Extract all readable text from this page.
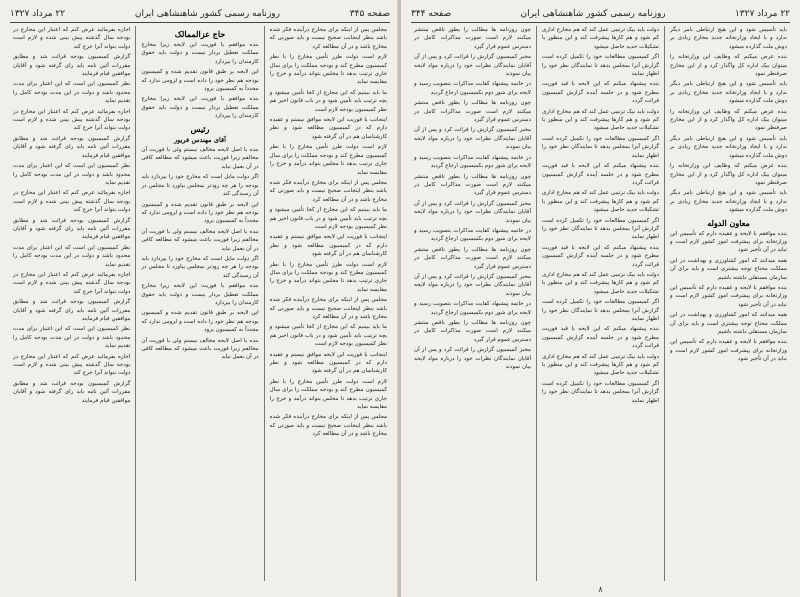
صفحه ۳۴۵
روزنامه رسمی کشور شاهنشاهی ایران
۲۲ مرداد ۱۳۲۷

مجلس پس از اینکه برای مخارج درآینده فکر شده باشد بنظر اینجانب صحیح نیست و باید صورتی که مخارج باشد و در آن مطالعه کرد

لازم است دولت طرز تأمین مخارج را با نظر کمیسیون مطرح کند و بودجه مملکت را برای سال جاری ترتیب بدهد تا مجلس بتواند درآمد و خرج را مقایسه نماید

ما باید ببینیم که این مخارج از کجا تأمین میشود و بچه ترتیب باید تأمین شود و در باب قانون اخیر هم نظر کمیسیون بودجه لازم است

اینجانب با فوریت این لایحه موافق نیستم و عقیده دارم که در کمیسیون مطالعه شود و نظر کارشناسان هم در آن گرفته شود

لازم است دولت طرز تأمین مخارج را با نظر کمیسیون مطرح کند و بودجه مملکت را برای سال جاری ترتیب بدهد تا مجلس بتواند درآمد و خرج را مقایسه نماید

مجلس پس از اینکه برای مخارج درآینده فکر شده باشد بنظر اینجانب صحیح نیست و باید صورتی که مخارج باشد و در آن مطالعه کرد

ما باید ببینیم که این مخارج از کجا تأمین میشود و بچه ترتیب باید تأمین شود و در باب قانون اخیر هم نظر کمیسیون بودجه لازم است

اینجانب با فوریت این لایحه موافق نیستم و عقیده دارم که در کمیسیون مطالعه شود و نظر کارشناسان هم در آن گرفته شود

لازم است دولت طرز تأمین مخارج را با نظر کمیسیون مطرح کند و بودجه مملکت را برای سال جاری ترتیب بدهد تا مجلس بتواند درآمد و خرج را مقایسه نماید

مجلس پس از اینکه برای مخارج درآینده فکر شده باشد بنظر اینجانب صحیح نیست و باید صورتی که مخارج باشد و در آن مطالعه کرد

ما باید ببینیم که این مخارج از کجا تأمین میشود و بچه ترتیب باید تأمین شود و در باب قانون اخیر هم نظر کمیسیون بودجه لازم است

اینجانب با فوریت این لایحه موافق نیستم و عقیده دارم که در کمیسیون مطالعه شود و نظر کارشناسان هم در آن گرفته شود

لازم است دولت طرز تأمین مخارج را با نظر کمیسیون مطرح کند و بودجه مملکت را برای سال جاری ترتیب بدهد تا مجلس بتواند درآمد و خرج را مقایسه نماید

مجلس پس از اینکه برای مخارج درآینده فکر شده باشد بنظر اینجانب صحیح نیست و باید صورتی که مخارج باشد و در آن مطالعه کرد

حاج عزالممالک

بنده موافقم با فوریت این لایحه زیرا مخارج مملکت تعطیل بردار نیست و دولت باید حقوق کارمندان را بپردازد

این لایحه بر طبق قانون تقدیم شده و کمیسیون بودجه هم نظر خود را داده است و لزومی ندارد که مجدداً به کمیسیون برود

بنده موافقم با فوریت این لایحه زیرا مخارج مملکت تعطیل بردار نیست و دولت باید حقوق کارمندان را بپردازد

رئیس
آقای مهندس فریور

بنده با اصل لایحه مخالف نیستم ولی با فوریت آن مخالفم زیرا فوریت باعث میشود که مطالعه کافی در آن بعمل نیاید

اگر دولت مایل است که مخارج خود را بپردازد باید بودجه را هر چه زودتر بمجلس بیاورد تا مجلس در آن رسیدگی کند

این لایحه بر طبق قانون تقدیم شده و کمیسیون بودجه هم نظر خود را داده است و لزومی ندارد که مجدداً به کمیسیون برود

بنده با اصل لایحه مخالف نیستم ولی با فوریت آن مخالفم زیرا فوریت باعث میشود که مطالعه کافی در آن بعمل نیاید

اگر دولت مایل است که مخارج خود را بپردازد باید بودجه را هر چه زودتر بمجلس بیاورد تا مجلس در آن رسیدگی کند

بنده موافقم با فوریت این لایحه زیرا مخارج مملکت تعطیل بردار نیست و دولت باید حقوق کارمندان را بپردازد

این لایحه بر طبق قانون تقدیم شده و کمیسیون بودجه هم نظر خود را داده است و لزومی ندارد که مجدداً به کمیسیون برود

بنده با اصل لایحه مخالف نیستم ولی با فوریت آن مخالفم زیرا فوریت باعث میشود که مطالعه کافی در آن بعمل نیاید

اجازه بفرمائید عرض کنم که اعتبار این مخارج در بودجه سال گذشته پیش بینی شده و لازم است دولت بتواند آنرا خرج کند

گزارش کمیسیون بودجه قرائت شد و مطابق مقررات آئین نامه باید رای گرفته شود و آقایان موافقین قیام فرمایند

نظر کمیسیون این است که این اعتبار برای مدت محدود باشد و دولت در این مدت بودجه کامل را تقدیم نماید

اجازه بفرمائید عرض کنم که اعتبار این مخارج در بودجه سال گذشته پیش بینی شده و لازم است دولت بتواند آنرا خرج کند

گزارش کمیسیون بودجه قرائت شد و مطابق مقررات آئین نامه باید رای گرفته شود و آقایان موافقین قیام فرمایند

نظر کمیسیون این است که این اعتبار برای مدت محدود باشد و دولت در این مدت بودجه کامل را تقدیم نماید

اجازه بفرمائید عرض کنم که اعتبار این مخارج در بودجه سال گذشته پیش بینی شده و لازم است دولت بتواند آنرا خرج کند

گزارش کمیسیون بودجه قرائت شد و مطابق مقررات آئین نامه باید رای گرفته شود و آقایان موافقین قیام فرمایند

نظر کمیسیون این است که این اعتبار برای مدت محدود باشد و دولت در این مدت بودجه کامل را تقدیم نماید

اجازه بفرمائید عرض کنم که اعتبار این مخارج در بودجه سال گذشته پیش بینی شده و لازم است دولت بتواند آنرا خرج کند

گزارش کمیسیون بودجه قرائت شد و مطابق مقررات آئین نامه باید رای گرفته شود و آقایان موافقین قیام فرمایند

نظر کمیسیون این است که این اعتبار برای مدت محدود باشد و دولت در این مدت بودجه کامل را تقدیم نماید

اجازه بفرمائید عرض کنم که اعتبار این مخارج در بودجه سال گذشته پیش بینی شده و لازم است دولت بتواند آنرا خرج کند

گزارش کمیسیون بودجه قرائت شد و مطابق مقررات آئین نامه باید رای گرفته شود و آقایان موافقین قیام فرمایند

۲۲ مرداد ۱۳۲۷
روزنامه رسمی کشور شاهنشاهی ایران
صفحه ۳۴۴

باید تأسیس شود و این هیچ ارتباطی بامر دیگر ندارد و با ایجاد وزارتخانه جدید مخارج زیادی بر دوش ملت گذارده میشود

بنده عرض میکنم که وظایف این وزارتخانه را میتوان بیک اداره کل واگذار کرد و از این مخارج صرفنظر نمود

باید تأسیس شود و این هیچ ارتباطی بامر دیگر ندارد و با ایجاد وزارتخانه جدید مخارج زیادی بر دوش ملت گذارده میشود

بنده عرض میکنم که وظایف این وزارتخانه را میتوان بیک اداره کل واگذار کرد و از این مخارج صرفنظر نمود

باید تأسیس شود و این هیچ ارتباطی بامر دیگر ندارد و با ایجاد وزارتخانه جدید مخارج زیادی بر دوش ملت گذارده میشود

بنده عرض میکنم که وظایف این وزارتخانه را میتوان بیک اداره کل واگذار کرد و از این مخارج صرفنظر نمود

باید تأسیس شود و این هیچ ارتباطی بامر دیگر ندارد و با ایجاد وزارتخانه جدید مخارج زیادی بر دوش ملت گذارده میشود

معاون الدوله

بنده موافقم با لایحه و عقیده دارم که تأسیس این وزارتخانه برای پیشرفت امور کشور لازم است و نباید در آن تأخیر شود

همه میدانند که امور کشاورزی و بهداشت در این مملکت محتاج توجه بیشتری است و باید برای آن سازمان مستقلی داشته باشیم

بنده موافقم با لایحه و عقیده دارم که تأسیس این وزارتخانه برای پیشرفت امور کشور لازم است و نباید در آن تأخیر شود

همه میدانند که امور کشاورزی و بهداشت در این مملکت محتاج توجه بیشتری است و باید برای آن سازمان مستقلی داشته باشیم

بنده موافقم با لایحه و عقیده دارم که تأسیس این وزارتخانه برای پیشرفت امور کشور لازم است و نباید در آن تأخیر شود

دولت باید بیک ترتیبی عمل کند که هم مخارج اداری کم شود و هم کارها پیشرفت کند و این منظور با تشکیلات جدید حاصل میشود

اگر کمیسیون مطالعات خود را تکمیل کرده است گزارش آنرا بمجلس بدهد تا نمایندگان نظر خود را اظهار نمایند

بنده پیشنهاد میکنم که این لایحه با قید فوریت مطرح شود و در جلسه آینده گزارش کمیسیون قرائت گردد

دولت باید بیک ترتیبی عمل کند که هم مخارج اداری کم شود و هم کارها پیشرفت کند و این منظور با تشکیلات جدید حاصل میشود

اگر کمیسیون مطالعات خود را تکمیل کرده است گزارش آنرا بمجلس بدهد تا نمایندگان نظر خود را اظهار نمایند

بنده پیشنهاد میکنم که این لایحه با قید فوریت مطرح شود و در جلسه آینده گزارش کمیسیون قرائت گردد

دولت باید بیک ترتیبی عمل کند که هم مخارج اداری کم شود و هم کارها پیشرفت کند و این منظور با تشکیلات جدید حاصل میشود

اگر کمیسیون مطالعات خود را تکمیل کرده است گزارش آنرا بمجلس بدهد تا نمایندگان نظر خود را اظهار نمایند

بنده پیشنهاد میکنم که این لایحه با قید فوریت مطرح شود و در جلسه آینده گزارش کمیسیون قرائت گردد

دولت باید بیک ترتیبی عمل کند که هم مخارج اداری کم شود و هم کارها پیشرفت کند و این منظور با تشکیلات جدید حاصل میشود

اگر کمیسیون مطالعات خود را تکمیل کرده است گزارش آنرا بمجلس بدهد تا نمایندگان نظر خود را اظهار نمایند

بنده پیشنهاد میکنم که این لایحه با قید فوریت مطرح شود و در جلسه آینده گزارش کمیسیون قرائت گردد

دولت باید بیک ترتیبی عمل کند که هم مخارج اداری کم شود و هم کارها پیشرفت کند و این منظور با تشکیلات جدید حاصل میشود

اگر کمیسیون مطالعات خود را تکمیل کرده است گزارش آنرا بمجلس بدهد تا نمایندگان نظر خود را اظهار نمایند

چون روزنامه ها مطالب را بطور ناقص منتشر میکنند لازم است صورت مذاکرات کامل در دسترس عموم قرار گیرد

مخبر کمیسیون گزارش را قرائت کرد و پس از آن آقایان نمایندگان نظرات خود را درباره مواد لایحه بیان نمودند

در خاتمه پیشنهاد کفایت مذاکرات بتصویب رسید و لایحه برای شور دوم بکمیسیون ارجاع گردید

چون روزنامه ها مطالب را بطور ناقص منتشر میکنند لازم است صورت مذاکرات کامل در دسترس عموم قرار گیرد

مخبر کمیسیون گزارش را قرائت کرد و پس از آن آقایان نمایندگان نظرات خود را درباره مواد لایحه بیان نمودند

در خاتمه پیشنهاد کفایت مذاکرات بتصویب رسید و لایحه برای شور دوم بکمیسیون ارجاع گردید

چون روزنامه ها مطالب را بطور ناقص منتشر میکنند لازم است صورت مذاکرات کامل در دسترس عموم قرار گیرد

مخبر کمیسیون گزارش را قرائت کرد و پس از آن آقایان نمایندگان نظرات خود را درباره مواد لایحه بیان نمودند

در خاتمه پیشنهاد کفایت مذاکرات بتصویب رسید و لایحه برای شور دوم بکمیسیون ارجاع گردید

چون روزنامه ها مطالب را بطور ناقص منتشر میکنند لازم است صورت مذاکرات کامل در دسترس عموم قرار گیرد

مخبر کمیسیون گزارش را قرائت کرد و پس از آن آقایان نمایندگان نظرات خود را درباره مواد لایحه بیان نمودند

در خاتمه پیشنهاد کفایت مذاکرات بتصویب رسید و لایحه برای شور دوم بکمیسیون ارجاع گردید

چون روزنامه ها مطالب را بطور ناقص منتشر میکنند لازم است صورت مذاکرات کامل در دسترس عموم قرار گیرد

مخبر کمیسیون گزارش را قرائت کرد و پس از آن آقایان نمایندگان نظرات خود را درباره مواد لایحه بیان نمودند

۸
